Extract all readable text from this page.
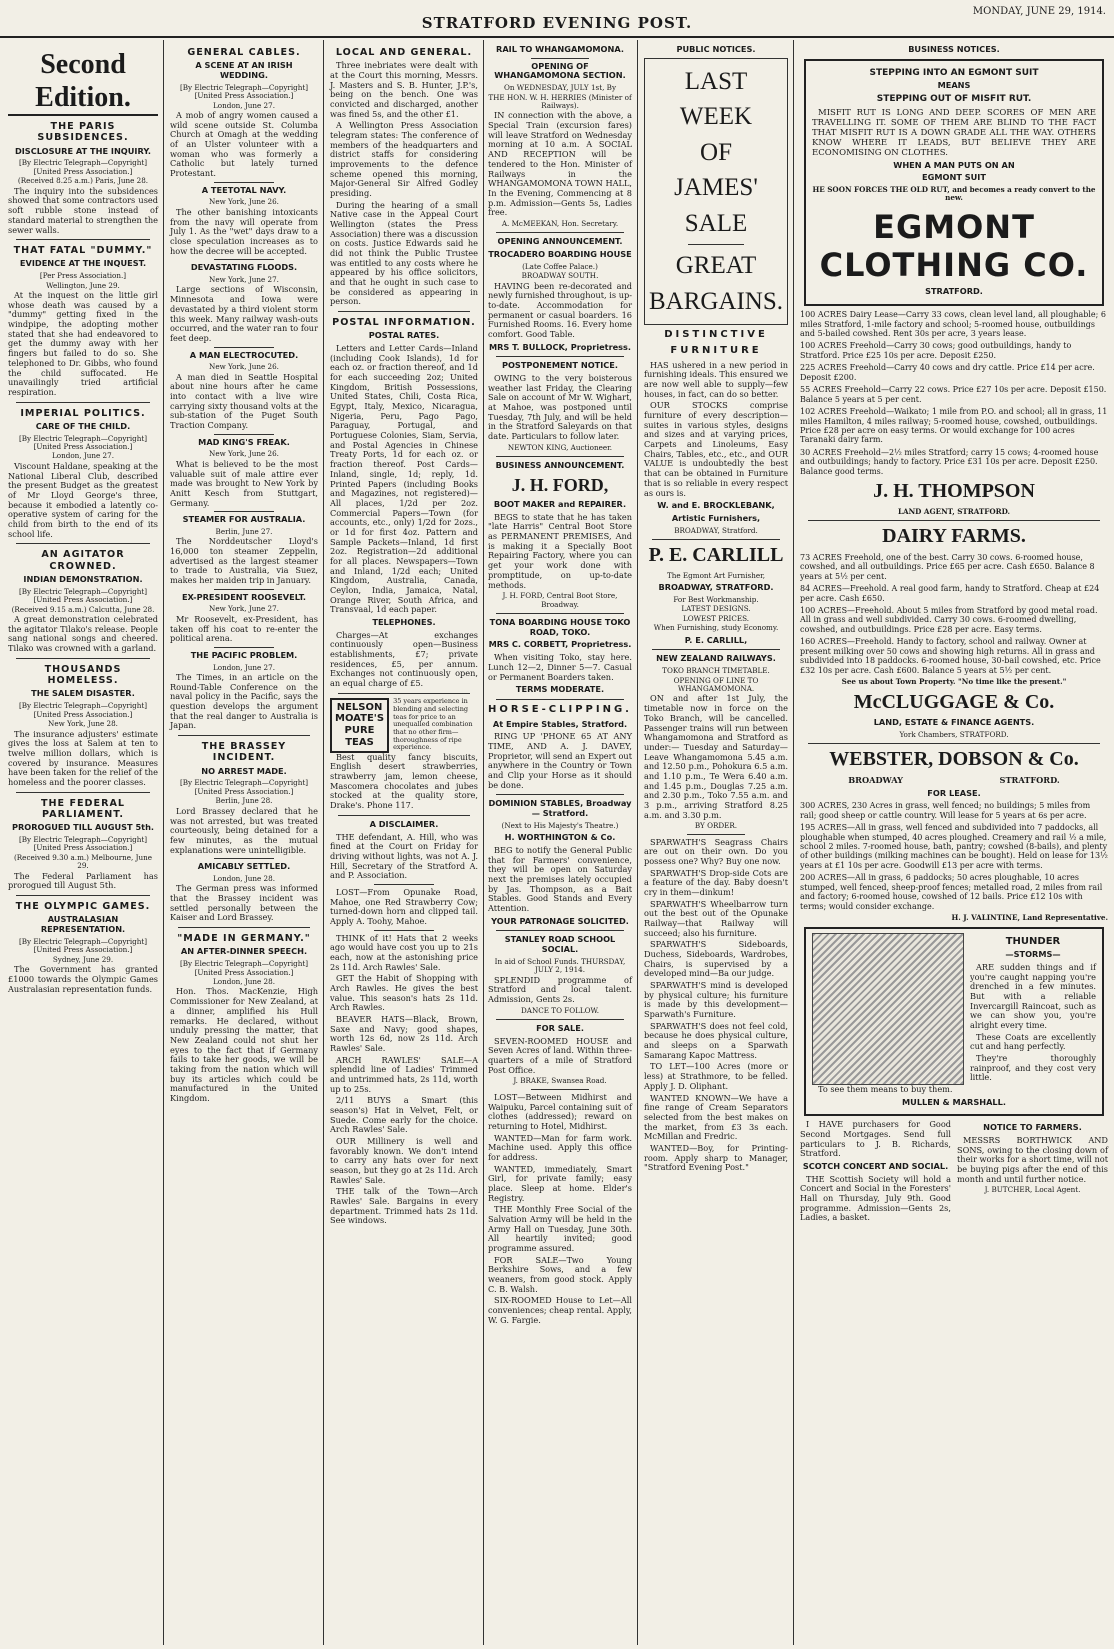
STRATFORD EVENING POST.
MONDAY, JUNE 29, 1914.
Second Edition.
THE PARIS SUBSIDENCES.
DISCLOSURE AT THE INQUIRY.
[By Electric Telegraph—Copyright] [United Press Association.]
(Received 8.25 a.m.) Paris, June 28.

The inquiry into the subsidences showed that some contractors used soft rubble stone instead of standard material to strengthen the sewer walls.

THAT FATAL "DUMMY."
EVIDENCE AT THE INQUEST.
[Per Press Association.]
Wellington, June 29.

At the inquest on the little girl whose death was caused by a "dummy" getting fixed in the windpipe, the adopting mother stated that she had endeavored to get the dummy away with her fingers but failed to do so. She telephoned to Dr. Gibbs, who found the child suffocated. He unavailingly tried artificial respiration.

IMPERIAL POLITICS.
CARE OF THE CHILD.
[By Electric Telegraph—Copyright] [United Press Association.]
London, June 27.

Viscount Haldane, speaking at the National Liberal Club, described the present Budget as the greatest of Mr Lloyd George's three, because it embodied a latently co-operative system of caring for the child from birth to the end of its school life.

AN AGITATOR CROWNED.
INDIAN DEMONSTRATION.
[By Electric Telegraph—Copyright] [United Press Association.]
(Received 9.15 a.m.) Calcutta, June 28.

A great demonstration celebrated the agitator Tilako's release. People sang national songs and cheered. Tilako was crowned with a garland.

THOUSANDS HOMELESS.
THE SALEM DISASTER.
[By Electric Telegraph—Copyright] [United Press Association.]
New York, June 28.

The insurance adjusters' estimate gives the loss at Salem at ten to twelve million dollars, which is covered by insurance. Measures have been taken for the relief of the homeless and the poorer classes.

THE FEDERAL PARLIAMENT.
PROROGUED TILL AUGUST 5th.
[By Electric Telegraph—Copyright] [United Press Association.]
(Received 9.30 a.m.) Melbourne, June 29.

The Federal Parliament has prorogued till August 5th.

THE OLYMPIC GAMES.
AUSTRALASIAN REPRESENTATION.
[By Electric Telegraph—Copyright] [United Press Association.]
Sydney, June 29.

The Government has granted £1000 towards the Olympic Games Australasian representation funds.

GENERAL CABLES.
A SCENE AT AN IRISH WEDDING.
[By Electric Telegraph—Copyright] [United Press Association.]
London, June 27.

A mob of angry women caused a wild scene outside St. Columba Church at Omagh at the wedding of an Ulster volunteer with a woman who was formerly a Catholic but lately turned Protestant.

A TEETOTAL NAVY.
New York, June 26.

The other banishing intoxicants from the navy will operate from July 1. As the "wet" days draw to a close speculation increases as to how the decree will be accepted.

DEVASTATING FLOODS.
New York, June 27.

Large sections of Wisconsin, Minnesota and Iowa were devastated by a third violent storm this week. Many railway wash-outs occurred, and the water ran to four feet deep.

A MAN ELECTROCUTED.
New York, June 26.

A man died in Seattle Hospital about nine hours after he came into contact with a live wire carrying sixty thousand volts at the sub-station of the Puget South Traction Company.

MAD KING'S FREAK.
New York, June 26.

What is believed to be the most valuable suit of male attire ever made was brought to New York by Anitt Kesch from Stuttgart, Germany.

STEAMER FOR AUSTRALIA.
Berlin, June 27.

The Norddeutscher Lloyd's 16,000 ton steamer Zeppelin, advertised as the largest steamer to trade to Australia, via Suez, makes her maiden trip in January.

EX-PRESIDENT ROOSEVELT.
New York, June 27.

Mr Roosevelt, ex-President, has taken off his coat to re-enter the political arena.

THE PACIFIC PROBLEM.
London, June 27.

The Times, in an article on the Round-Table Conference on the naval policy in the Pacific, says the question develops the argument that the real danger to Australia is Japan.

THE BRASSEY INCIDENT.
NO ARREST MADE.
[By Electric Telegraph—Copyright] [United Press Association.]
Berlin, June 28.

Lord Brassey declared that he was not arrested, but was treated courteously, being detained for a few minutes, as the mutual explanations were unintelligible.

AMICABLY SETTLED.
London, June 28.

The German press was informed that the Brassey incident was settled personally between the Kaiser and Lord Brassey.

"MADE IN GERMANY."
AN AFTER-DINNER SPEECH.
[By Electric Telegraph—Copyright] [United Press Association.]
London, June 28.

Hon. Thos. MacKenzie, High Commissioner for New Zealand, at a dinner, amplified his Hull remarks. He declared, without unduly pressing the matter, that New Zealand could not shut her eyes to the fact that if Germany fails to take her goods, we will be taking from the nation which will buy its articles which could be manufactured in the United Kingdom.

LOCAL AND GENERAL.

Three inebriates were dealt with at the Court this morning, Messrs. J. Masters and S. B. Hunter, J.P.'s, being on the bench. One was convicted and discharged, another was fined 5s, and the other £1.

A Wellington Press Association telegram states: The conference of members of the headquarters and district staffs for considering improvements to the defence scheme opened this morning, Major-General Sir Alfred Godley presiding.

During the hearing of a small Native case in the Appeal Court Wellington (states the Press Association) there was a discussion on costs. Justice Edwards said he did not think the Public Trustee was entitled to any costs where he appeared by his office solicitors, and that he ought in such case to be considered as appearing in person.

POSTAL INFORMATION.
POSTAL RATES.

Letters and Letter Cards—Inland (including Cook Islands), 1d for each oz. or fraction thereof, and 1d for each succeeding 2oz; United Kingdom, British Possessions, United States, Chili, Costa Rica, Egypt, Italy, Mexico, Nicaragua, Nigeria, Peru, Pago Pago, Paraguay, Portugal, and Portuguese Colonies, Siam, Servia, and Postal Agencies in Chinese Treaty Ports, 1d for each oz. or fraction thereof. Post Cards—Inland, single, 1d; reply, 1d. Printed Papers (including Books and Magazines, not registered)—All places, 1/2d per 2oz. Commercial Papers—Town (for accounts, etc., only) 1/2d for 2ozs., or 1d for first 4oz. Pattern and Sample Packets—Inland, 1d first 2oz. Registration—2d additional for all places. Newspapers—Town and Inland, 1/2d each; United Kingdom, Australia, Canada, Ceylon, India, Jamaica, Natal, Orange River, South Africa, and Transvaal, 1d each paper.

TELEPHONES.

Charges—At exchanges continuously open—Business establishments, £7; private residences, £5, per annum. Exchanges not continuously open, an equal charge of £5.

NELSON MOATE'S PURE TEAS
35 years experience in blending and selecting teas for price to an unequalled combination that no other firm—thoroughness of ripe experience.

Best quality fancy biscuits, English desert strawberries, strawberry jam, lemon cheese, Mascomera chocolates and jubes stocked at the quality store, Drake's. Phone 117.

A DISCLAIMER.

THE defendant, A. Hill, who was fined at the Court on Friday for driving without lights, was not A. J. Hill, Secretary of the Stratford A. and P. Association.

LOST—From Opunake Road, Mahoe, one Red Strawberry Cow; turned-down horn and clipped tail. Apply A. Toohy, Mahoe.

THINK of it! Hats that 2 weeks ago would have cost you up to 21s each, now at the astonishing price 2s 11d. Arch Rawles' Sale.

GET the Habit of Shopping with Arch Rawles. He gives the best value. This season's hats 2s 11d. Arch Rawles.

BEAVER HATS—Black, Brown, Saxe and Navy; good shapes, worth 12s 6d, now 2s 11d. Arch Rawles' Sale.

ARCH RAWLES' SALE—A splendid line of Ladies' Trimmed and untrimmed hats, 2s 11d, worth up to 25s.

2/11 BUYS a Smart (this season's) Hat in Velvet, Felt, or Suede. Come early for the choice. Arch Rawles' Sale.

OUR Millinery is well and favorably known. We don't intend to carry any hats over for next season, but they go at 2s 11d. Arch Rawles' Sale.

THE talk of the Town—Arch Rawles' Sale. Bargains in every department. Trimmed hats 2s 11d. See windows.

RAIL TO WHANGAMOMONA.
OPENING OF WHANGAMOMONA SECTION.
On WEDNESDAY, JULY 1st, By
THE HON. W. H. HERRIES (Minister of Railways).

IN connection with the above, a Special Train (excursion fares) will leave Stratford on Wednesday morning at 10 a.m. A SOCIAL AND RECEPTION will be tendered to the Hon. Minister of Railways in the WHANGAMOMONA TOWN HALL, In the Evening, Commencing at 8 p.m. Admission—Gents 5s, Ladies free.

A. McMEEKAN, Hon. Secretary.
OPENING ANNOUNCEMENT.
TROCADERO BOARDING HOUSE
(Late Coffee Palace.)
BROADWAY SOUTH.

HAVING been re-decorated and newly furnished throughout, is up-to-date. Accommodation for permanent or casual boarders. 16 Furnished Rooms. 16. Every home comfort. Good Table.

MRS T. BULLOCK, Proprietress.
POSTPONEMENT NOTICE.

OWING to the very boisterous weather last Friday, the Clearing Sale on account of Mr W. Wighart, at Mahoe, was postponed until Tuesday, 7th July, and will be held in the Stratford Saleyards on that date. Particulars to follow later.

NEWTON KING, Auctioneer.
BUSINESS ANNOUNCEMENT.
J. H. FORD,
BOOT MAKER and REPAIRER.

BEGS to state that he has taken "late Harris" Central Boot Store as PERMANENT PREMISES, And is making it a Specially Boot Repairing Factory, where you can get your work done with promptitude, on up-to-date methods.

J. H. FORD, Central Boot Store, Broadway.
TONA BOARDING HOUSE TOKO ROAD, TOKO.
MRS C. CORBETT, Proprietress.

When visiting Toko, stay here. Lunch 12—2, Dinner 5—7. Casual or Permanent Boarders taken.

TERMS MODERATE.
HORSE-CLIPPING.
At Empire Stables, Stratford.

RING UP 'PHONE 65 AT ANY TIME, AND A. J. DAVEY, Proprietor, will send an Expert out anywhere in the Country or Town and Clip your Horse as it should be done.

DOMINION STABLES, Broadway — Stratford.
(Next to His Majesty's Theatre.)
H. WORTHINGTON & Co.

BEG to notify the General Public that for Farmers' convenience, they will be open on Saturday next the premises lately occupied by Jas. Thompson, as a Bait Stables. Good Stands and Every Attention.

YOUR PATRONAGE SOLICITED.
STANLEY ROAD SCHOOL SOCIAL.
In aid of School Funds. THURSDAY, JULY 2, 1914.

SPLENDID programme of Stratford and local talent. Admission, Gents 2s.

DANCE TO FOLLOW.
FOR SALE.

SEVEN-ROOMED HOUSE and Seven Acres of land. Within three-quarters of a mile of Stratford Post Office.

J. BRAKE, Swansea Road.

LOST—Between Midhirst and Waipuku, Parcel containing suit of clothes (addressed); reward on returning to Hotel, Midhirst.

WANTED—Man for farm work. Machine used. Apply this office for address.

WANTED, immediately, Smart Girl, for private family; easy place. Sleep at home. Elder's Registry.

THE Monthly Free Social of the Salvation Army will be held in the Army Hall on Tuesday, June 30th. All heartily invited; good programme assured.

FOR SALE—Two Young Berkshire Sows, and a few weaners, from good stock. Apply C. B. Walsh.

SIX-ROOMED House to Let—All conveniences; cheap rental. Apply, W. G. Fargie.

PUBLIC NOTICES.
LAST
WEEK
OF
JAMES'
SALE
GREAT
BARGAINS.
DISTINCTIVE
FURNITURE

HAS ushered in a new period in furnishing ideals. This ensured we are now well able to supply—few houses, in fact, can do so better.

OUR STOCKS comprise furniture of every description—suites in various styles, designs and sizes and at varying prices, Carpets and Linoleums, Easy Chairs, Tables, etc., etc., and OUR VALUE is undoubtedly the best that can be obtained in Furniture that is so reliable in every respect as ours is.

W. and E. BROCKLEBANK,
Artistic Furnishers,
BROADWAY, Stratford.
P. E. CARLILL
The Egmont Art Furnisher,
BROADWAY, STRATFORD.
For Best Workmanship.
LATEST DESIGNS.
LOWEST PRICES.
When Furnishing, study Economy.
P. E. CARLILL,
NEW ZEALAND RAILWAYS.
TOKO BRANCH TIMETABLE.
OPENING OF LINE TO WHANGAMOMONA.

ON and after 1st July, the timetable now in force on the Toko Branch, will be cancelled. Passenger trains will run between Whangamomona and Stratford as under:— Tuesday and Saturday—Leave Whangamomona 5.45 a.m. and 12.50 p.m., Pohokura 6.5 a.m. and 1.10 p.m., Te Wera 6.40 a.m. and 1.45 p.m., Douglas 7.25 a.m. and 2.30 p.m., Toko 7.55 a.m. and 3 p.m., arriving Stratford 8.25 a.m. and 3.30 p.m.

BY ORDER.

SPARWATH'S Seagrass Chairs are out on their own. Do you possess one? Why? Buy one now.

SPARWATH'S Drop-side Cots are a feature of the day. Baby doesn't cry in them—dinkum!

SPARWATH'S Wheelbarrow turn out the best out of the Opunake Railway—that Railway will succeed; also his furniture.

SPARWATH'S Sideboards, Duchess, Sideboards, Wardrobes, Chairs, is supervised by a developed mind—Ba our judge.

SPARWATH'S mind is developed by physical culture; his furniture is made by this development—Sparwath's Furniture.

SPARWATH'S does not feel cold, because he does physical culture, and sleeps on a Sparwath Samarang Kapoc Mattress.

TO LET—100 Acres (more or less) at Strathmore, to be felled. Apply J. D. Oliphant.

WANTED KNOWN—We have a fine range of Cream Separators selected from the best makes on the market, from £3 3s each. McMillan and Fredric.

WANTED—Boy, for Printing-room. Apply sharp to Manager, "Stratford Evening Post."

BUSINESS NOTICES.
STEPPING INTO AN EGMONT SUIT
MEANS
STEPPING OUT OF MISFIT RUT.

MISFIT RUT IS LONG AND DEEP. SCORES OF MEN ARE TRAVELLING IT. SOME OF THEM ARE BLIND TO THE FACT THAT MISFIT RUT IS A DOWN GRADE ALL THE WAY. OTHERS KNOW WHERE IT LEADS, BUT BELIEVE THEY ARE ECONOMISING ON CLOTHES.

WHEN A MAN PUTS ON AN
EGMONT SUIT
HE SOON FORCES THE OLD RUT, and becomes a ready convert to the new.
EGMONT CLOTHING CO.
STRATFORD.
100 ACRES Dairy Lease—Carry 33 cows, clean level land, all ploughable; 6 miles Stratford, 1-mile factory and school; 5-roomed house, outbuildings and 5-bailed cowshed. Rent 30s per acre, 3 years lease.
100 ACRES Freehold—Carry 30 cows; good outbuildings, handy to Stratford. Price £25 10s per acre. Deposit £250.
225 ACRES Freehold—Carry 40 cows and dry cattle. Price £14 per acre. Deposit £200.
55 ACRES Freehold—Carry 22 cows. Price £27 10s per acre. Deposit £150. Balance 5 years at 5 per cent.
102 ACRES Freehold—Waikato; 1 mile from P.O. and school; all in grass, 11 miles Hamilton, 4 miles railway; 5-roomed house, cowshed, outbuildings. Price £28 per acre on easy terms. Or would exchange for 100 acres Taranaki dairy farm.
30 ACRES Freehold—2½ miles Stratford; carry 15 cows; 4-roomed house and outbuildings; handy to factory. Price £31 10s per acre. Deposit £250. Balance good terms.
J. H. THOMPSON
LAND AGENT, STRATFORD.
DAIRY FARMS.
73 ACRES Freehold, one of the best. Carry 30 cows. 6-roomed house, cowshed, and all outbuildings. Price £65 per acre. Cash £650. Balance 8 years at 5½ per cent.
84 ACRES—Freehold. A real good farm, handy to Stratford. Cheap at £24 per acre. Cash £650.
100 ACRES—Freehold. About 5 miles from Stratford by good metal road. All in grass and well subdivided. Carry 30 cows. 6-roomed dwelling, cowshed, and outbuildings. Price £28 per acre. Easy terms.
160 ACRES—Freehold. Handy to factory, school and railway. Owner at present milking over 50 cows and showing high returns. All in grass and subdivided into 18 paddocks. 6-roomed house, 30-bail cowshed, etc. Price £32 10s per acre. Cash £600. Balance 5 years at 5½ per cent.
See us about Town Property. "No time like the present."
McCLUGGAGE & Co.
LAND, ESTATE & FINANCE AGENTS.
York Chambers, STRATFORD.
WEBSTER, DOBSON & Co.
BROADWAY	STRATFORD.
FOR LEASE.
300 ACRES, 230 Acres in grass, well fenced; no buildings; 5 miles from rail; good sheep or cattle country. Will lease for 5 years at 6s per acre.
195 ACRES—All in grass, well fenced and subdivided into 7 paddocks, all ploughable when stumped, 40 acres ploughed. Creamery and rail ½ a mile, school 2 miles. 7-roomed house, bath, pantry; cowshed (8-bails), and plenty of other buildings (milking machines can be bought). Held on lease for 13½ years at £1 10s per acre. Goodwill £13 per acre with terms.
200 ACRES—All in grass, 6 paddocks; 50 acres ploughable, 10 acres stumped, well fenced, sheep-proof fences; metalled road, 2 miles from rail and factory; 6-roomed house, cowshed of 12 bails. Price £12 10s with terms; would consider exchange.
H. J. VALINTINE, Land Representative.
THUNDER
—STORMS—

ARE sudden things and if you're caught napping you're drenched in a few minutes. But with a reliable Invercargill Raincoat, such as we can show you, you're alright every time.

These Coats are excellently cut and hang perfectly.

They're thoroughly rainproof, and they cost very little.

To see them means to buy them.

MULLEN & MARSHALL.

I HAVE purchasers for Good Second Mortgages. Send full particulars to J. B. Richards, Stratford.

SCOTCH CONCERT AND SOCIAL.

THE Scottish Society will hold a Concert and Social in the Foresters' Hall on Thursday, July 9th. Good programme. Admission—Gents 2s, Ladies, a basket.

NOTICE TO FARMERS.

MESSRS BORTHWICK AND SONS, owing to the closing down of their works for a short time, will not be buying pigs after the end of this month and until further notice.

J. BUTCHER, Local Agent.
